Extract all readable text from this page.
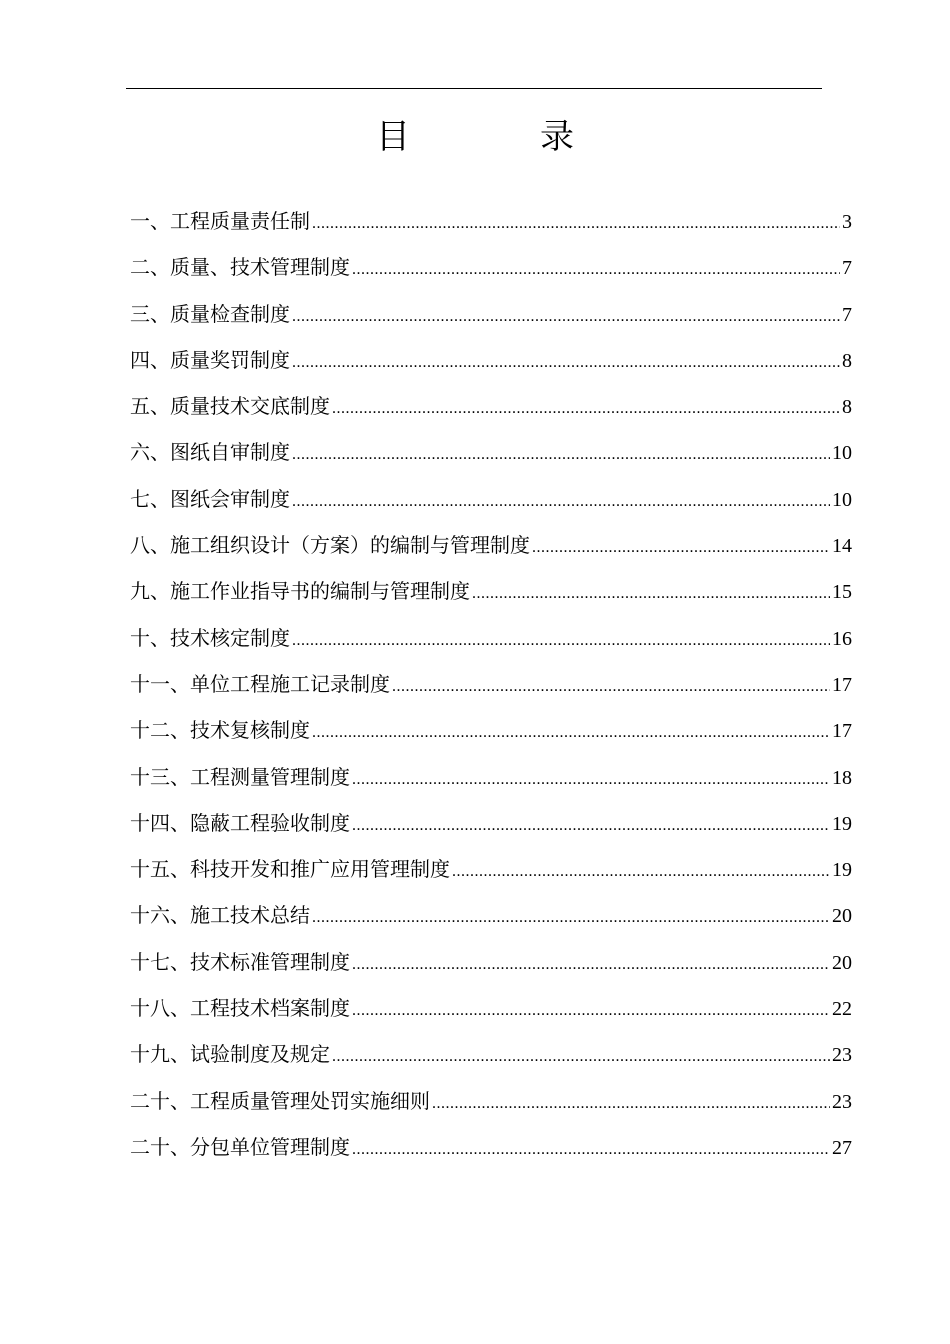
目　录
一、工程质量责任制 .....	3
二、质量、技术管理制度 .....	7
三、质量检查制度 .....	7
四、质量奖罚制度 .....	8
五、质量技术交底制度 .....	8
六、图纸自审制度 .....	10
七、图纸会审制度 .....	10
八、施工组织设计（方案）的编制与管理制度 .....	14
九、施工作业指导书的编制与管理制度 .....	15
十、技术核定制度 .....	16
十一、单位工程施工记录制度 .....	17
十二、技术复核制度 .....	17
十三、工程测量管理制度 .....	18
十四、隐蔽工程验收制度 .....	19
十五、科技开发和推广应用管理制度 .....	19
十六、施工技术总结 .....	20
十七、技术标准管理制度 .....	20
十八、工程技术档案制度 .....	22
十九、试验制度及规定 .....	23
二十、工程质量管理处罚实施细则 .....	23
二十、分包单位管理制度 .....	27
